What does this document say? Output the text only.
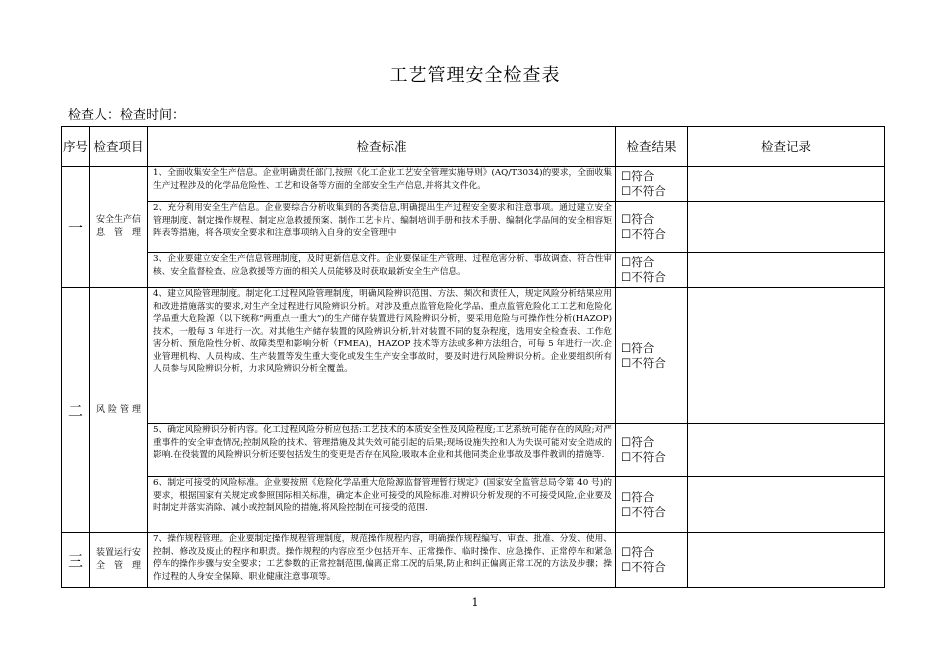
工艺管理安全检查表
检查人：检查时间：
序号	检查项目	检查标准	检查结果	检查记录
一	安全生产信息管理	1、全面收集安全生产信息。企业明确责任部门,按照《化工企业工艺安全管理实施导则》(AQ/T3034)的要求，全面收集生产过程涉及的化学品危险性、工艺和设备等方面的全部安全生产信息,并将其文件化。	☐符合
☐不符合	

		2、充分利用安全生产信息。企业要综合分析收集到的各类信息,明确提出生产过程安全要求和注意事项。通过建立安全管理制度、制定操作规程、制定应急救援预案、制作工艺卡片、编制培训手册和技术手册、编制化学品间的安全相容矩阵表等措施，将各项安全要求和注意事项纳入自身的安全管理中	☐符合
☐不符合	

		3、企业要建立安全生产信息管理制度，及时更新信息文件。企业要保证生产管理、过程危害分析、事故调查、符合性审核、安全监督检查、应急救援等方面的相关人员能够及时获取最新安全生产信息。	☐符合
☐不符合	

二	风险管理	4、建立风险管理制度。制定化工过程风险管理制度，明确风险辨识范围、方法、频次和责任人，规定风险分析结果应用和改进措施落实的要求,对生产全过程进行风险辨识分析。对涉及重点监管危险化学品、重点监管危险化工工艺和危险化学品重大危险源（以下统称“两重点一重大”)的生产储存装置进行风险辨识分析，要采用危险与可操作性分析(HAZOP)技术，一般每 3 年进行一次。对其他生产储存装置的风险辨识分析,针对装置不同的复杂程度，选用安全检查表、工作危害分析、预危险性分析、故障类型和影响分析（FMEA)，HAZOP 技术等方法或多种方法组合，可每 5 年进行一次.企业管理机构、人员构成、生产装置等发生重大变化或发生生产安全事故时，要及时进行风险辨识分析。企业要组织所有人员参与风险辨识分析，力求风险辨识分析全覆盖。	☐符合
☐不符合	

		5、确定风险辨识分析内容。化工过程风险分析应包括:工艺技术的本质安全性及风险程度;工艺系统可能存在的风险;对严重事件的安全审查情况;控制风险的技术、管理措施及其失效可能引起的后果;现场设施失控和人为失误可能对安全造成的影响.在役装置的风险辨识分析还要包括发生的变更是否存在风险,吸取本企业和其他同类企业事故及事件教训的措施等.	☐符合
☐不符合	

		6、制定可接受的风险标准。企业要按照《危险化学品重大危险源监督管理暂行规定》(国家安全监管总局令第 40 号)的要求，根据国家有关规定或参照国际相关标准，确定本企业可接受的风险标准.对辨识分析发现的不可接受风险,企业要及时制定并落实消除、减小或控制风险的措施,将风险控制在可接受的范围.	☐符合
☐不符合	

三	装置运行安全管理	7、操作规程管理。企业要制定操作规程管理制度，规范操作规程内容，明确操作规程编写、审查、批准、分发、使用、控制、修改及废止的程序和职责。操作规程的内容应至少包括开车、正常操作、临时操作、应急操作、正常停车和紧急停车的操作步骤与安全要求；工艺参数的正常控制范围,偏离正常工况的后果,防止和纠正偏离正常工况的方法及步骤；操作过程的人身安全保障、职业健康注意事项等。	☐符合
☐不符合	

1
